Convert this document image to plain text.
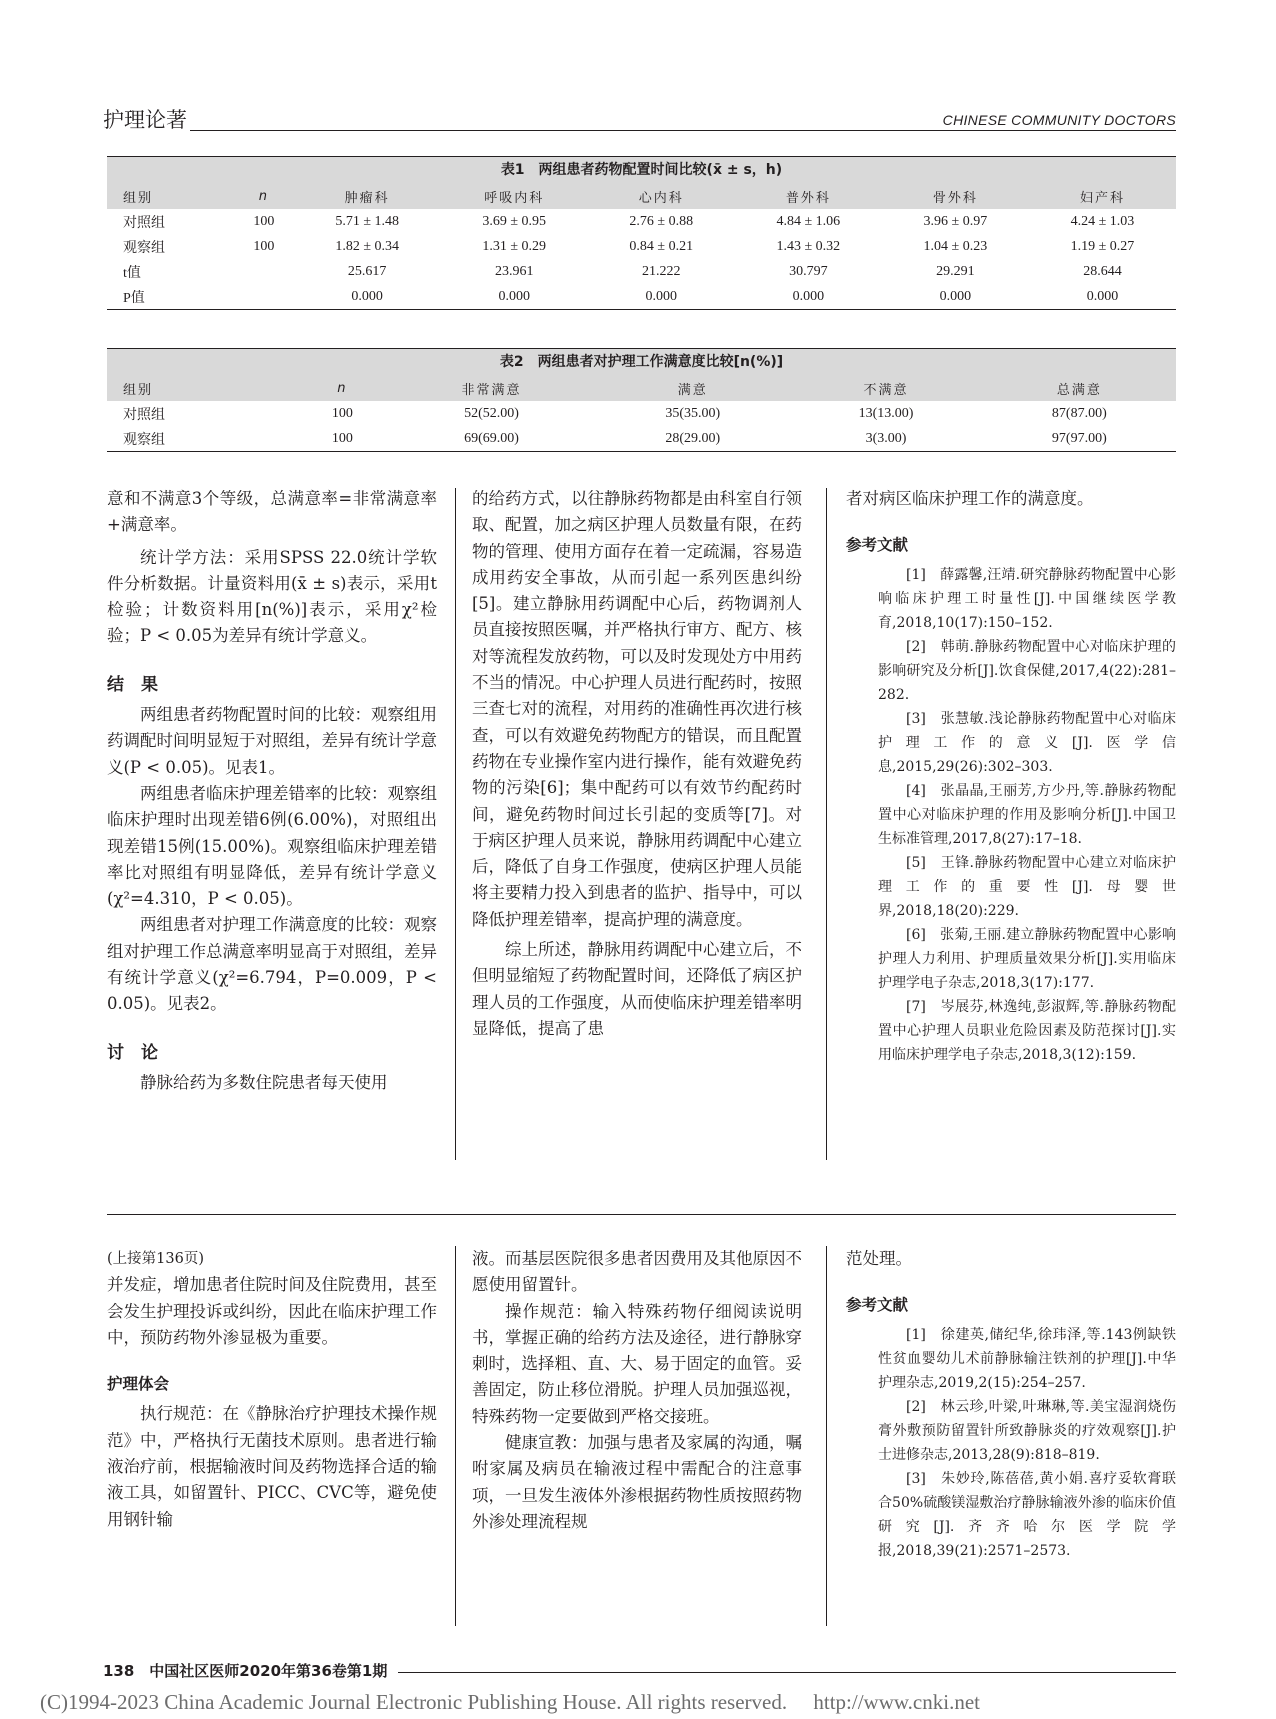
护理论著	CHINESE COMMUNITY DOCTORS
表1　两组患者药物配置时间比较(x̄ ± s，h)
组别	n	肿瘤科	呼吸内科	心内科	普外科	骨外科	妇产科
对照组	100	5.71 ± 1.48	3.69 ± 0.95	2.76 ± 0.88	4.84 ± 1.06	3.96 ± 0.97	4.24 ± 1.03
观察组	100	1.82 ± 0.34	1.31 ± 0.29	0.84 ± 0.21	1.43 ± 0.32	1.04 ± 0.23	1.19 ± 0.27
t值		25.617	23.961	21.222	30.797	29.291	28.644
P值		0.000	0.000	0.000	0.000	0.000	0.000
表2　两组患者对护理工作满意度比较[n(%)]
组别	n	非常满意	满意	不满意	总满意
对照组	100	52(52.00)	35(35.00)	13(13.00)	87(87.00)
观察组	100	69(69.00)	28(29.00)	3(3.00)	97(97.00)

意和不满意3个等级，总满意率=非常满意率+满意率。

统计学方法：采用SPSS 22.0统计学软件分析数据。计量资料用(x̄ ± s)表示，采用t检验；计数资料用[n(%)]表示，采用χ²检验；P < 0.05为差异有统计学意义。

结　果

两组患者药物配置时间的比较：观察组用药调配时间明显短于对照组，差异有统计学意义(P < 0.05)。见表1。

两组患者临床护理差错率的比较：观察组临床护理时出现差错6例(6.00%)，对照组出现差错15例(15.00%)。观察组临床护理差错率比对照组有明显降低，差异有统计学意义(χ²=4.310，P < 0.05)。

两组患者对护理工作满意度的比较：观察组对护理工作总满意率明显高于对照组，差异有统计学意义(χ²=6.794，P=0.009，P < 0.05)。见表2。

讨　论

静脉给药为多数住院患者每天使用

的给药方式，以往静脉药物都是由科室自行领取、配置，加之病区护理人员数量有限，在药物的管理、使用方面存在着一定疏漏，容易造成用药安全事故，从而引起一系列医患纠纷[5]。建立静脉用药调配中心后，药物调剂人员直接按照医嘱，并严格执行审方、配方、核对等流程发放药物，可以及时发现处方中用药不当的情况。中心护理人员进行配药时，按照三查七对的流程，对用药的准确性再次进行核查，可以有效避免药物配方的错误，而且配置药物在专业操作室内进行操作，能有效避免药物的污染[6]；集中配药可以有效节约配药时间，避免药物时间过长引起的变质等[7]。对于病区护理人员来说，静脉用药调配中心建立后，降低了自身工作强度，使病区护理人员能将主要精力投入到患者的监护、指导中，可以降低护理差错率，提高护理的满意度。

综上所述，静脉用药调配中心建立后，不但明显缩短了药物配置时间，还降低了病区护理人员的工作强度，从而使临床护理差错率明显降低，提高了患

者对病区临床护理工作的满意度。

参考文献

[1]　薛露馨,汪靖.研究静脉药物配置中心影响临床护理工时量性[J].中国继续医学教育,2018,10(17):150–152.

[2]　韩萌.静脉药物配置中心对临床护理的影响研究及分析[J].饮食保健,2017,4(22):281–282.

[3]　张慧敏.浅论静脉药物配置中心对临床护理工作的意义[J].医学信息,2015,29(26):302–303.

[4]　张晶晶,王丽芳,方少丹,等.静脉药物配置中心对临床护理的作用及影响分析[J].中国卫生标准管理,2017,8(27):17–18.

[5]　王锋.静脉药物配置中心建立对临床护理工作的重要性[J].母婴世界,2018,18(20):229.

[6]　张菊,王丽.建立静脉药物配置中心影响护理人力利用、护理质量效果分析[J].实用临床护理学电子杂志,2018,3(17):177.

[7]　岑展芬,林逸纯,彭淑辉,等.静脉药物配置中心护理人员职业危险因素及防范探讨[J].实用临床护理学电子杂志,2018,3(12):159.

(上接第136页)

并发症，增加患者住院时间及住院费用，甚至会发生护理投诉或纠纷，因此在临床护理工作中，预防药物外渗显极为重要。

护理体会

执行规范：在《静脉治疗护理技术操作规范》中，严格执行无菌技术原则。患者进行输液治疗前，根据输液时间及药物选择合适的输液工具，如留置针、PICC、CVC等，避免使用钢针输

液。而基层医院很多患者因费用及其他原因不愿使用留置针。

操作规范：输入特殊药物仔细阅读说明书，掌握正确的给药方法及途径，进行静脉穿刺时，选择粗、直、大、易于固定的血管。妥善固定，防止移位滑脱。护理人员加强巡视，特殊药物一定要做到严格交接班。

健康宣教：加强与患者及家属的沟通，嘱咐家属及病员在输液过程中需配合的注意事项，一旦发生液体外渗根据药物性质按照药物外渗处理流程规

范处理。

参考文献

[1]　徐建英,储纪华,徐玮泽,等.143例缺铁性贫血婴幼儿术前静脉输注铁剂的护理[J].中华护理杂志,2019,2(15):254–257.

[2]　林云珍,叶梁,叶琳琳,等.美宝湿润烧伤膏外敷预防留置针所致静脉炎的疗效观察[J].护士进修杂志,2013,28(9):818–819.

[3]　朱妙玲,陈蓓蓓,黄小娟.喜疗妥软膏联合50%硫酸镁湿敷治疗静脉输液外渗的临床价值研究[J].齐齐哈尔医学院学报,2018,39(21):2571–2573.

138　中国社区医师2020年第36卷第1期
(C)1994-2023 China Academic Journal Electronic Publishing House. All rights reserved.　 http://www.cnki.net
